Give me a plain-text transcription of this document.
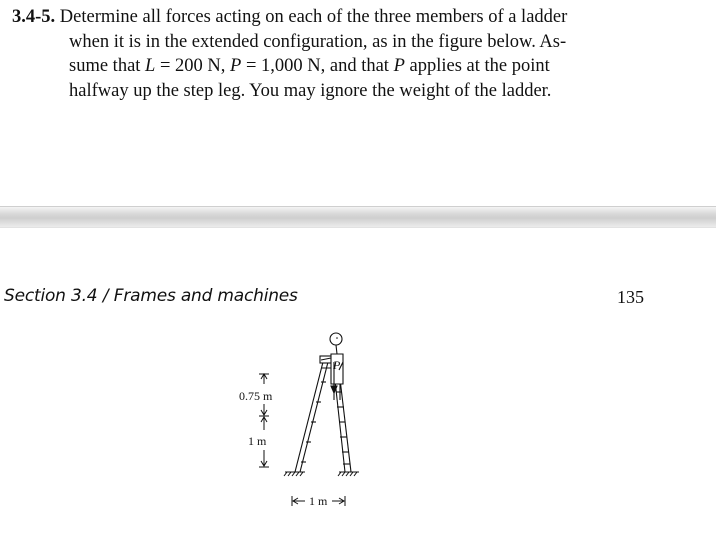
3.4-5. Determine all forces acting on each of the three members of a ladder
when it is in the extended configuration, as in the figure below. As-
sume that L = 200 N, P = 1,000 N, and that P applies at the point
halfway up the step leg. You may ignore the weight of the ladder.
Section 3.4 / Frames and machines	135
0.75 m
1 m
P
1 m
